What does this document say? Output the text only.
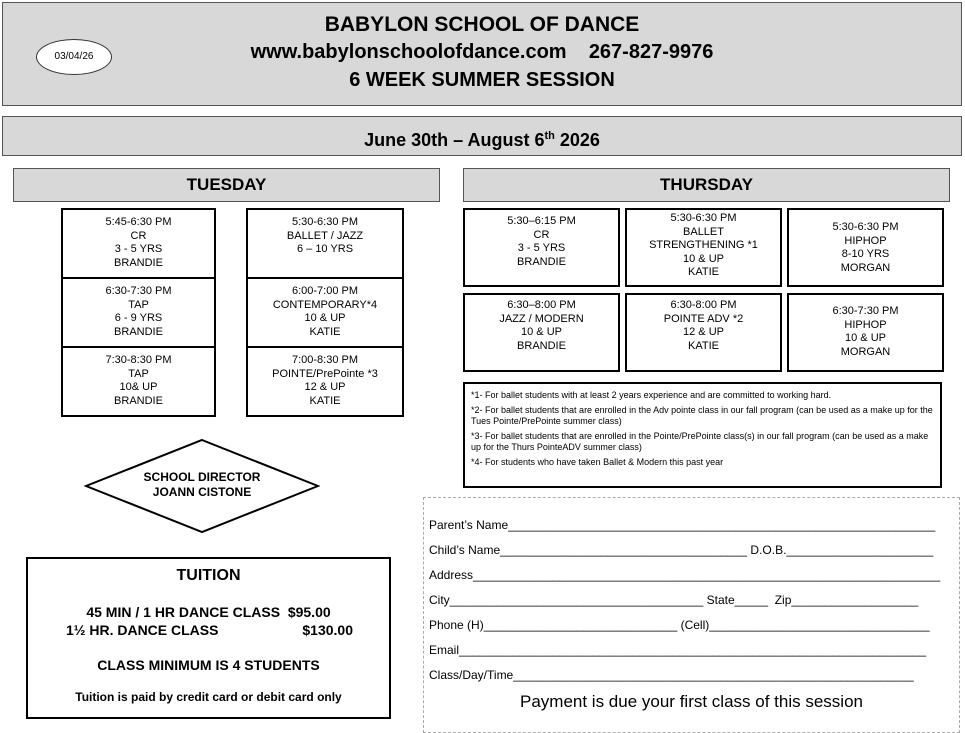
03/04/26
BABYLON SCHOOL OF DANCE
www.babylonschoolofdance.com 267-827-9976
6 WEEK SUMMER SESSION
June 30th – August 6th 2026
TUESDAY	THURSDAY
5:45-6:30 PM
CR
3 - 5 YRS
BRANDIE
5:30-6:30 PM
BALLET / JAZZ
6 – 10 YRS
6:30-7:30 PM
TAP
6 - 9 YRS
BRANDIE
6:00-7:00 PM
CONTEMPORARY*4
10 & UP
KATIE
7:30-8:30 PM
TAP
10& UP
BRANDIE
7:00-8:30 PM
POINTE/PrePointe *3
12 & UP
KATIE
5:30–6:15 PM
CR
3 - 5 YRS
BRANDIE
5:30-6:30 PM
BALLET
STRENGTHENING *1
10 & UP
KATIE
5:30-6:30 PM
HIPHOP
8-10 YRS
MORGAN
6:30–8:00 PM
JAZZ / MODERN
10 & UP
BRANDIE
6:30-8:00 PM
POINTE ADV *2
12 & UP
KATIE
6:30-7:30 PM
HIPHOP
10 & UP
MORGAN
*1- For ballet students with at least 2 years experience and are committed to working hard.
*2- For ballet students that are enrolled in the Adv pointe class in our fall program (can be used as a make up for the Tues Pointe/PrePointe summer class)
*3- For ballet students that are enrolled in the Pointe/PrePointe class(s) in our fall program (can be used as a make up for the Thurs PointeADV summer class)
*4- For students who have taken Ballet & Modern this past year
SCHOOL DIRECTOR
JOANN CISTONE
TUITION
45 MIN / 1 HR DANCE CLASS $95.00
1½ HR. DANCE CLASS	$130.00
CLASS MINIMUM IS 4 STUDENTS
Tuition is paid by credit card or debit card only
Parent’s Name________________________________________________________________
Child’s Name_____________________________________ D.O.B.______________________
Address______________________________________________________________________
City______________________________________ State_____  Zip___________________
Phone (H)_____________________________ (Cell)_________________________________
Email______________________________________________________________________
Class/Day/Time____________________________________________________________
Payment is due your first class of this session
